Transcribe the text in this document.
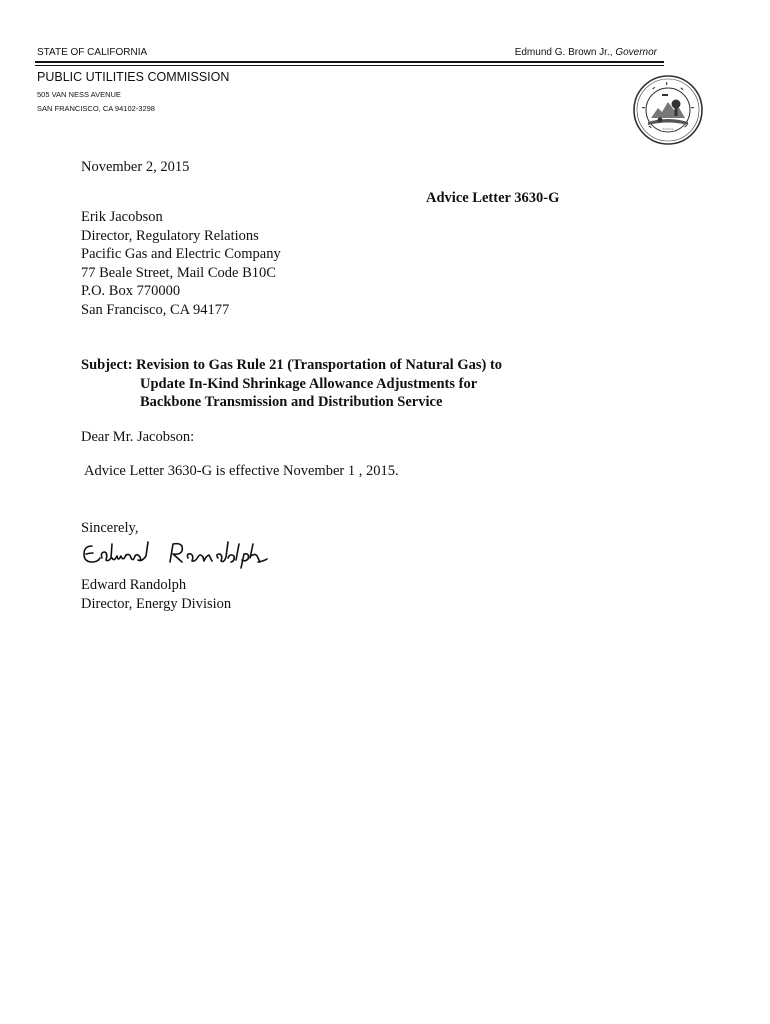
STATE OF CALIFORNIA	Edmund G. Brown Jr., Governor
PUBLIC UTILITIES COMMISSION
505 VAN NESS AVENUE
SAN FRANCISCO, CA 94102-3298
~~~~
November 2, 2015
Advice Letter 3630-G
Erik Jacobson
Director, Regulatory Relations
Pacific Gas and Electric Company
77 Beale Street, Mail Code B10C
P.O. Box 770000
San Francisco, CA 94177
Subject: Revision to Gas Rule 21 (Transportation of Natural Gas) to
Update In-Kind Shrinkage Allowance Adjustments for
Backbone Transmission and Distribution Service
Dear Mr. Jacobson:
Advice Letter 3630-G is effective November 1 , 2015.
Sincerely,
Edward Randolph
Director, Energy Division
